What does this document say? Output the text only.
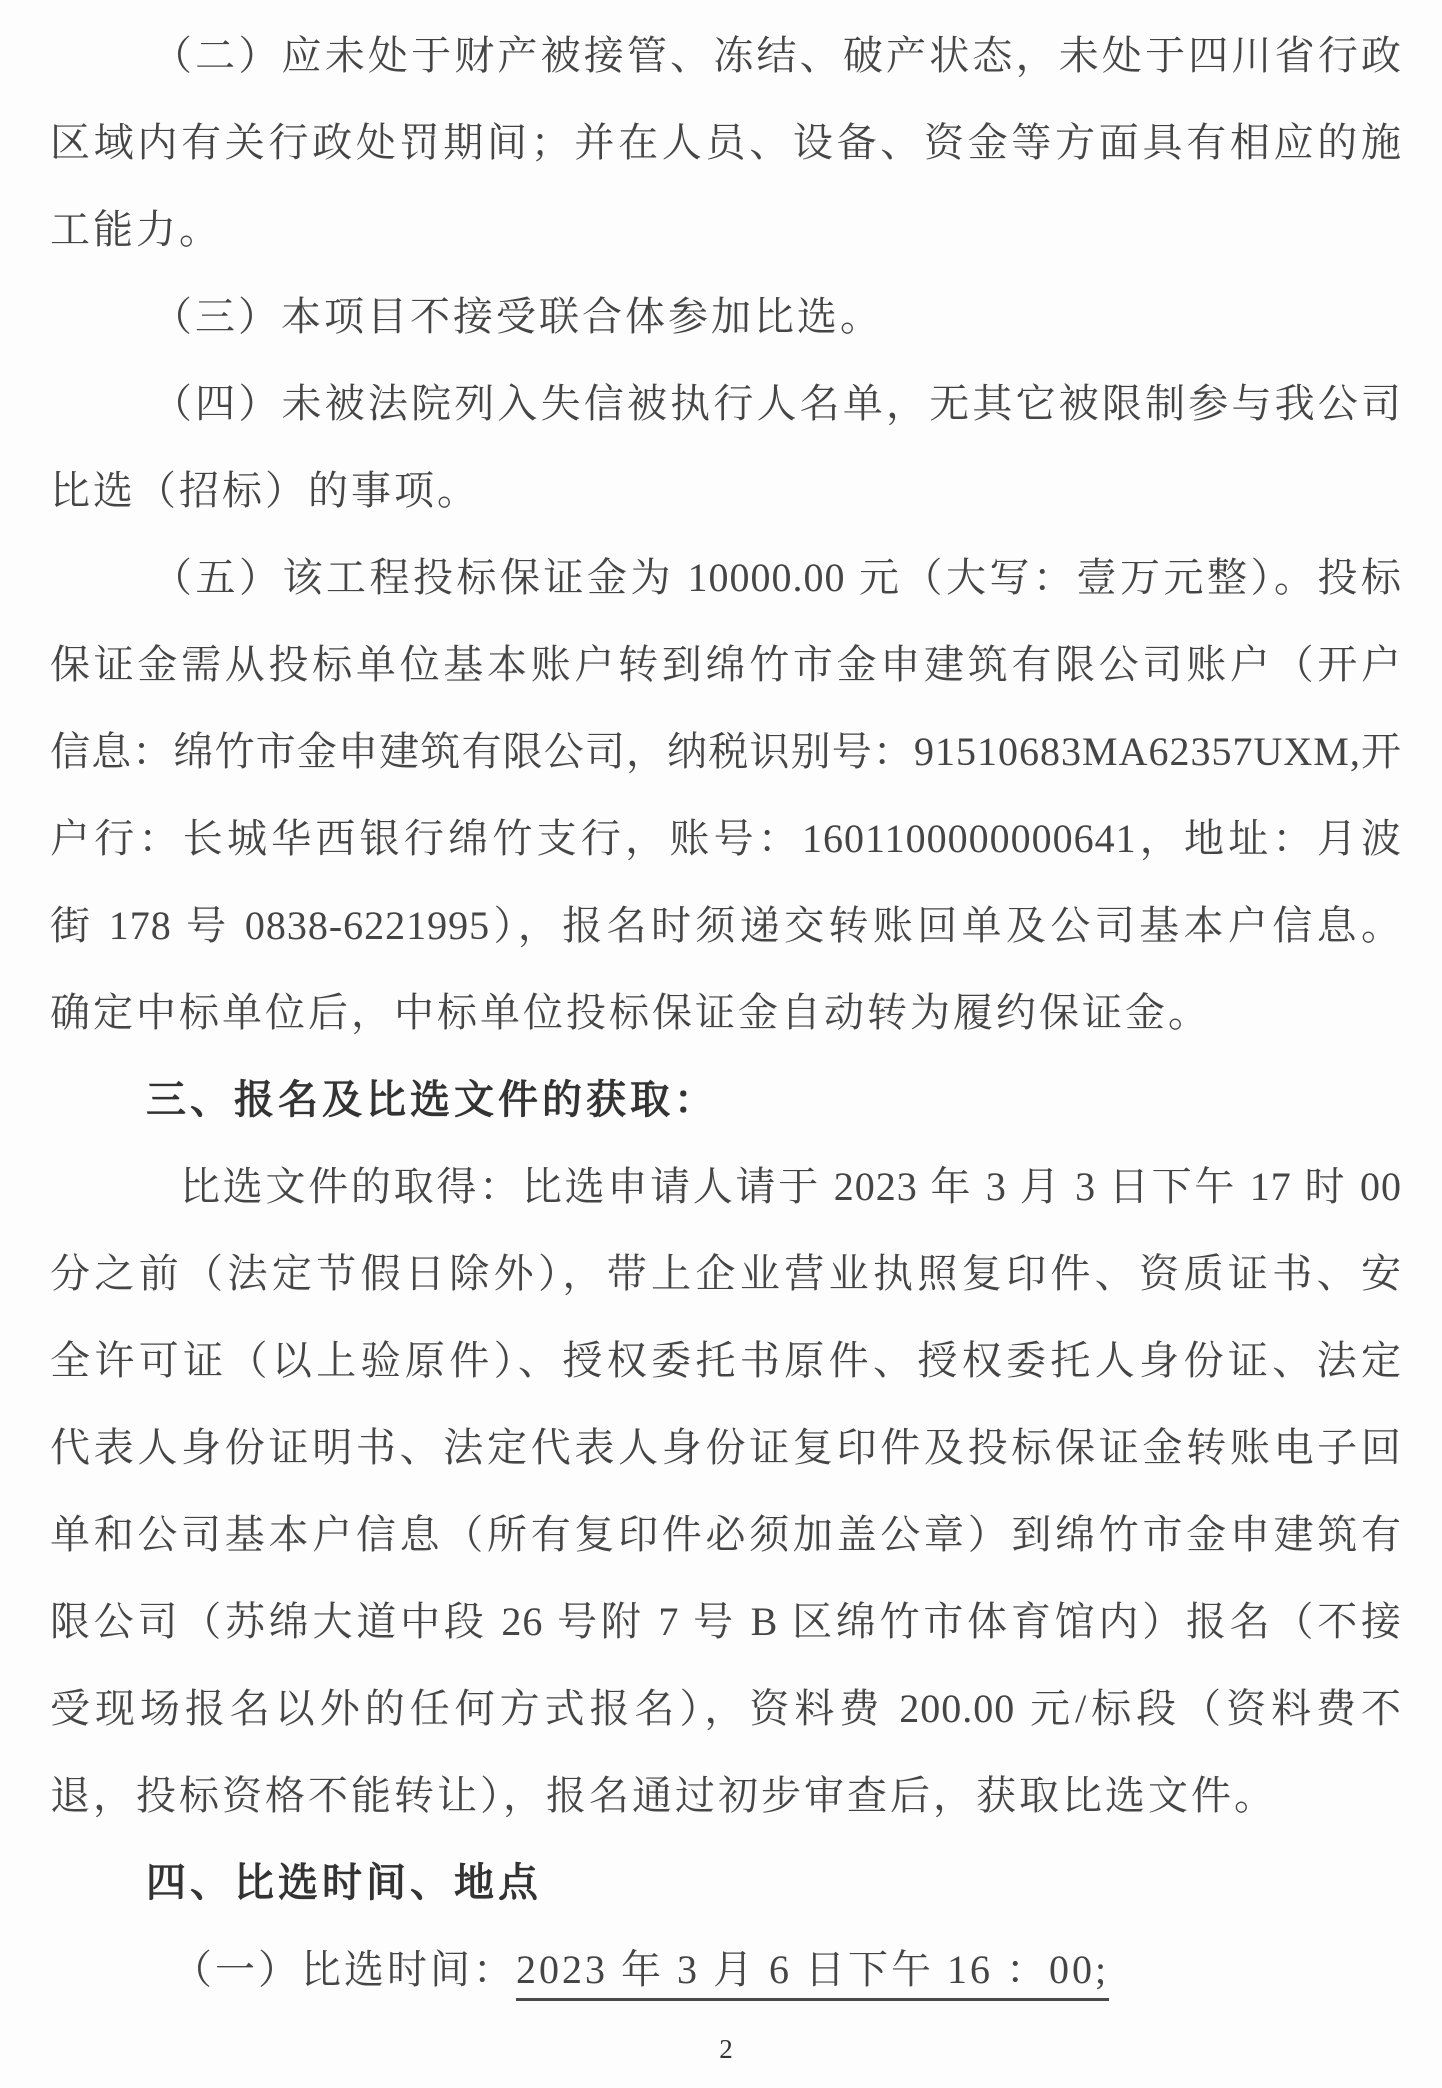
（二）应未处于财产被接管、冻结、破产状态，未处于四川省行政
区域内有关行政处罚期间；并在人员、设备、资金等方面具有相应的施
工能力。
（三）本项目不接受联合体参加比选。
（四）未被法院列入失信被执行人名单，无其它被限制参与我公司
比选（招标）的事项。
（五）该工程投标保证金为 10000.00 元（大写：壹万元整）。投标
保证金需从投标单位基本账户转到绵竹市金申建筑有限公司账户（开户
信息：绵竹市金申建筑有限公司，纳税识别号：91510683MA62357UXM,开
户行：长城华西银行绵竹支行，账号：1601100000000641，地址：月波
街 178 号 0838-6221995），报名时须递交转账回单及公司基本户信息。
确定中标单位后，中标单位投标保证金自动转为履约保证金。
三、报名及比选文件的获取：
比选文件的取得：比选申请人请于 2023 年 3 月 3 日下午 17 时 00
分之前（法定节假日除外），带上企业营业执照复印件、资质证书、安
全许可证（以上验原件）、授权委托书原件、授权委托人身份证、法定
代表人身份证明书、法定代表人身份证复印件及投标保证金转账电子回
单和公司基本户信息（所有复印件必须加盖公章）到绵竹市金申建筑有
限公司（苏绵大道中段 26 号附 7 号 B 区绵竹市体育馆内）报名（不接
受现场报名以外的任何方式报名），资料费 200.00 元/标段（资料费不
退，投标资格不能转让），报名通过初步审查后，获取比选文件。
四、比选时间、地点
（一）比选时间：2023 年 3 月 6 日下午 16 ：00;
2
